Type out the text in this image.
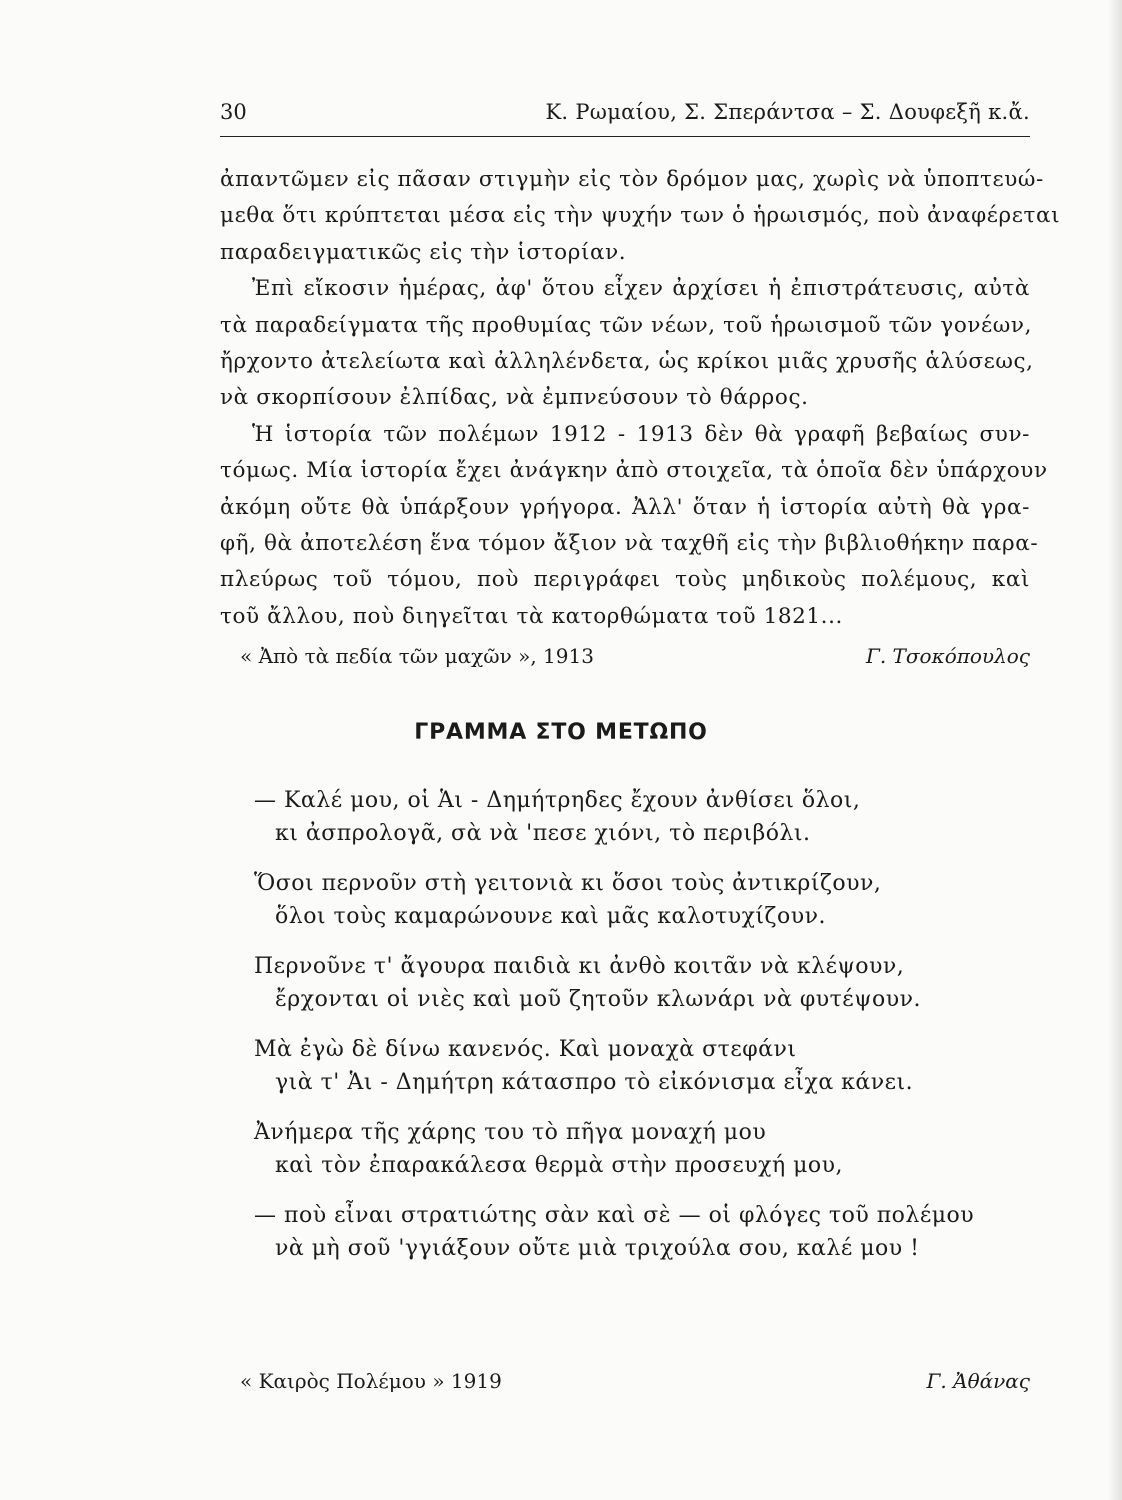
30	Κ. Ρωμαίου, Σ. Σπεράντσα – Σ. Δουφεξῆ κ.ἄ.
ἀπαντῶμεν εἰς πᾶσαν στιγμὴν εἰς τὸν δρόμον μας, χωρὶς νὰ ὑποπτευώ-
μεθα ὅτι κρύπτεται μέσα εἰς τὴν ψυχήν των ὁ ἡρωισμός, ποὺ ἀναφέρεται
παραδειγματικῶς εἰς τὴν ἱστορίαν.
Ἐπὶ εἴκοσιν ἡμέρας, ἀφ' ὅτου εἶχεν ἀρχίσει ἡ ἐπιστράτευσις, αὐτὰ
τὰ παραδείγματα τῆς προθυμίας τῶν νέων, τοῦ ἡρωισμοῦ τῶν γονέων,
ἤρχοντο ἀτελείωτα καὶ ἀλληλένδετα, ὡς κρίκοι μιᾶς χρυσῆς ἁλύσεως,
νὰ σκορπίσουν ἐλπίδας, νὰ ἐμπνεύσουν τὸ θάρρος.
Ἡ ἱστορία τῶν πολέμων 1912 - 1913 δὲν θὰ γραφῆ βεβαίως συν-
τόμως. Μία ἱστορία ἔχει ἀνάγκην ἀπὸ στοιχεῖα, τὰ ὁποῖα δὲν ὑπάρχουν
ἀκόμη οὔτε θὰ ὑπάρξουν γρήγορα. Ἀλλ' ὅταν ἡ ἱστορία αὐτὴ θὰ γρα-
φῆ, θὰ ἀποτελέση ἕνα τόμον ἄξιον νὰ ταχθῆ εἰς τὴν βιβλιοθήκην παρα-
πλεύρως τοῦ τόμου, ποὺ περιγράφει τοὺς μηδικοὺς πολέμους, καὶ
τοῦ ἄλλου, ποὺ διηγεῖται τὰ κατορθώματα τοῦ 1821...
« Ἀπὸ τὰ πεδία τῶν μαχῶν », 1913	Γ. Τσοκόπουλος
ΓΡΑΜΜΑ ΣΤΟ ΜΕΤΩΠΟ
— Καλέ μου, οἱ Ἁι - Δημήτρηδες ἔχουν ἀνθίσει ὅλοι,
κι ἀσπρολογᾶ, σὰ νὰ 'πεσε χιόνι, τὸ περιβόλι.
Ὅσοι περνοῦν στὴ γειτονιὰ κι ὅσοι τοὺς ἀντικρίζουν,
ὅλοι τοὺς καμαρώνουνε καὶ μᾶς καλοτυχίζουν.
Περνοῦνε τ' ἄγουρα παιδιὰ κι ἀνθὸ κοιτᾶν νὰ κλέψουν,
ἔρχονται οἱ νιὲς καὶ μοῦ ζητοῦν κλωνάρι νὰ φυτέψουν.
Μὰ ἐγὼ δὲ δίνω κανενός. Καὶ μοναχὰ στεφάνι
γιὰ τ' Ἁι - Δημήτρη κάτασπρο τὸ εἰκόνισμα εἶχα κάνει.
Ἀνήμερα τῆς χάρης του τὸ πῆγα μοναχή μου
καὶ τὸν ἐπαρακάλεσα θερμὰ στὴν προσευχή μου,
— ποὺ εἶναι στρατιώτης σὰν καὶ σὲ — οἱ φλόγες τοῦ πολέμου
νὰ μὴ σοῦ 'γγιάξουν οὔτε μιὰ τριχούλα σου, καλέ μου !
« Καιρὸς Πολέμου » 1919	Γ. Ἀθάνας
